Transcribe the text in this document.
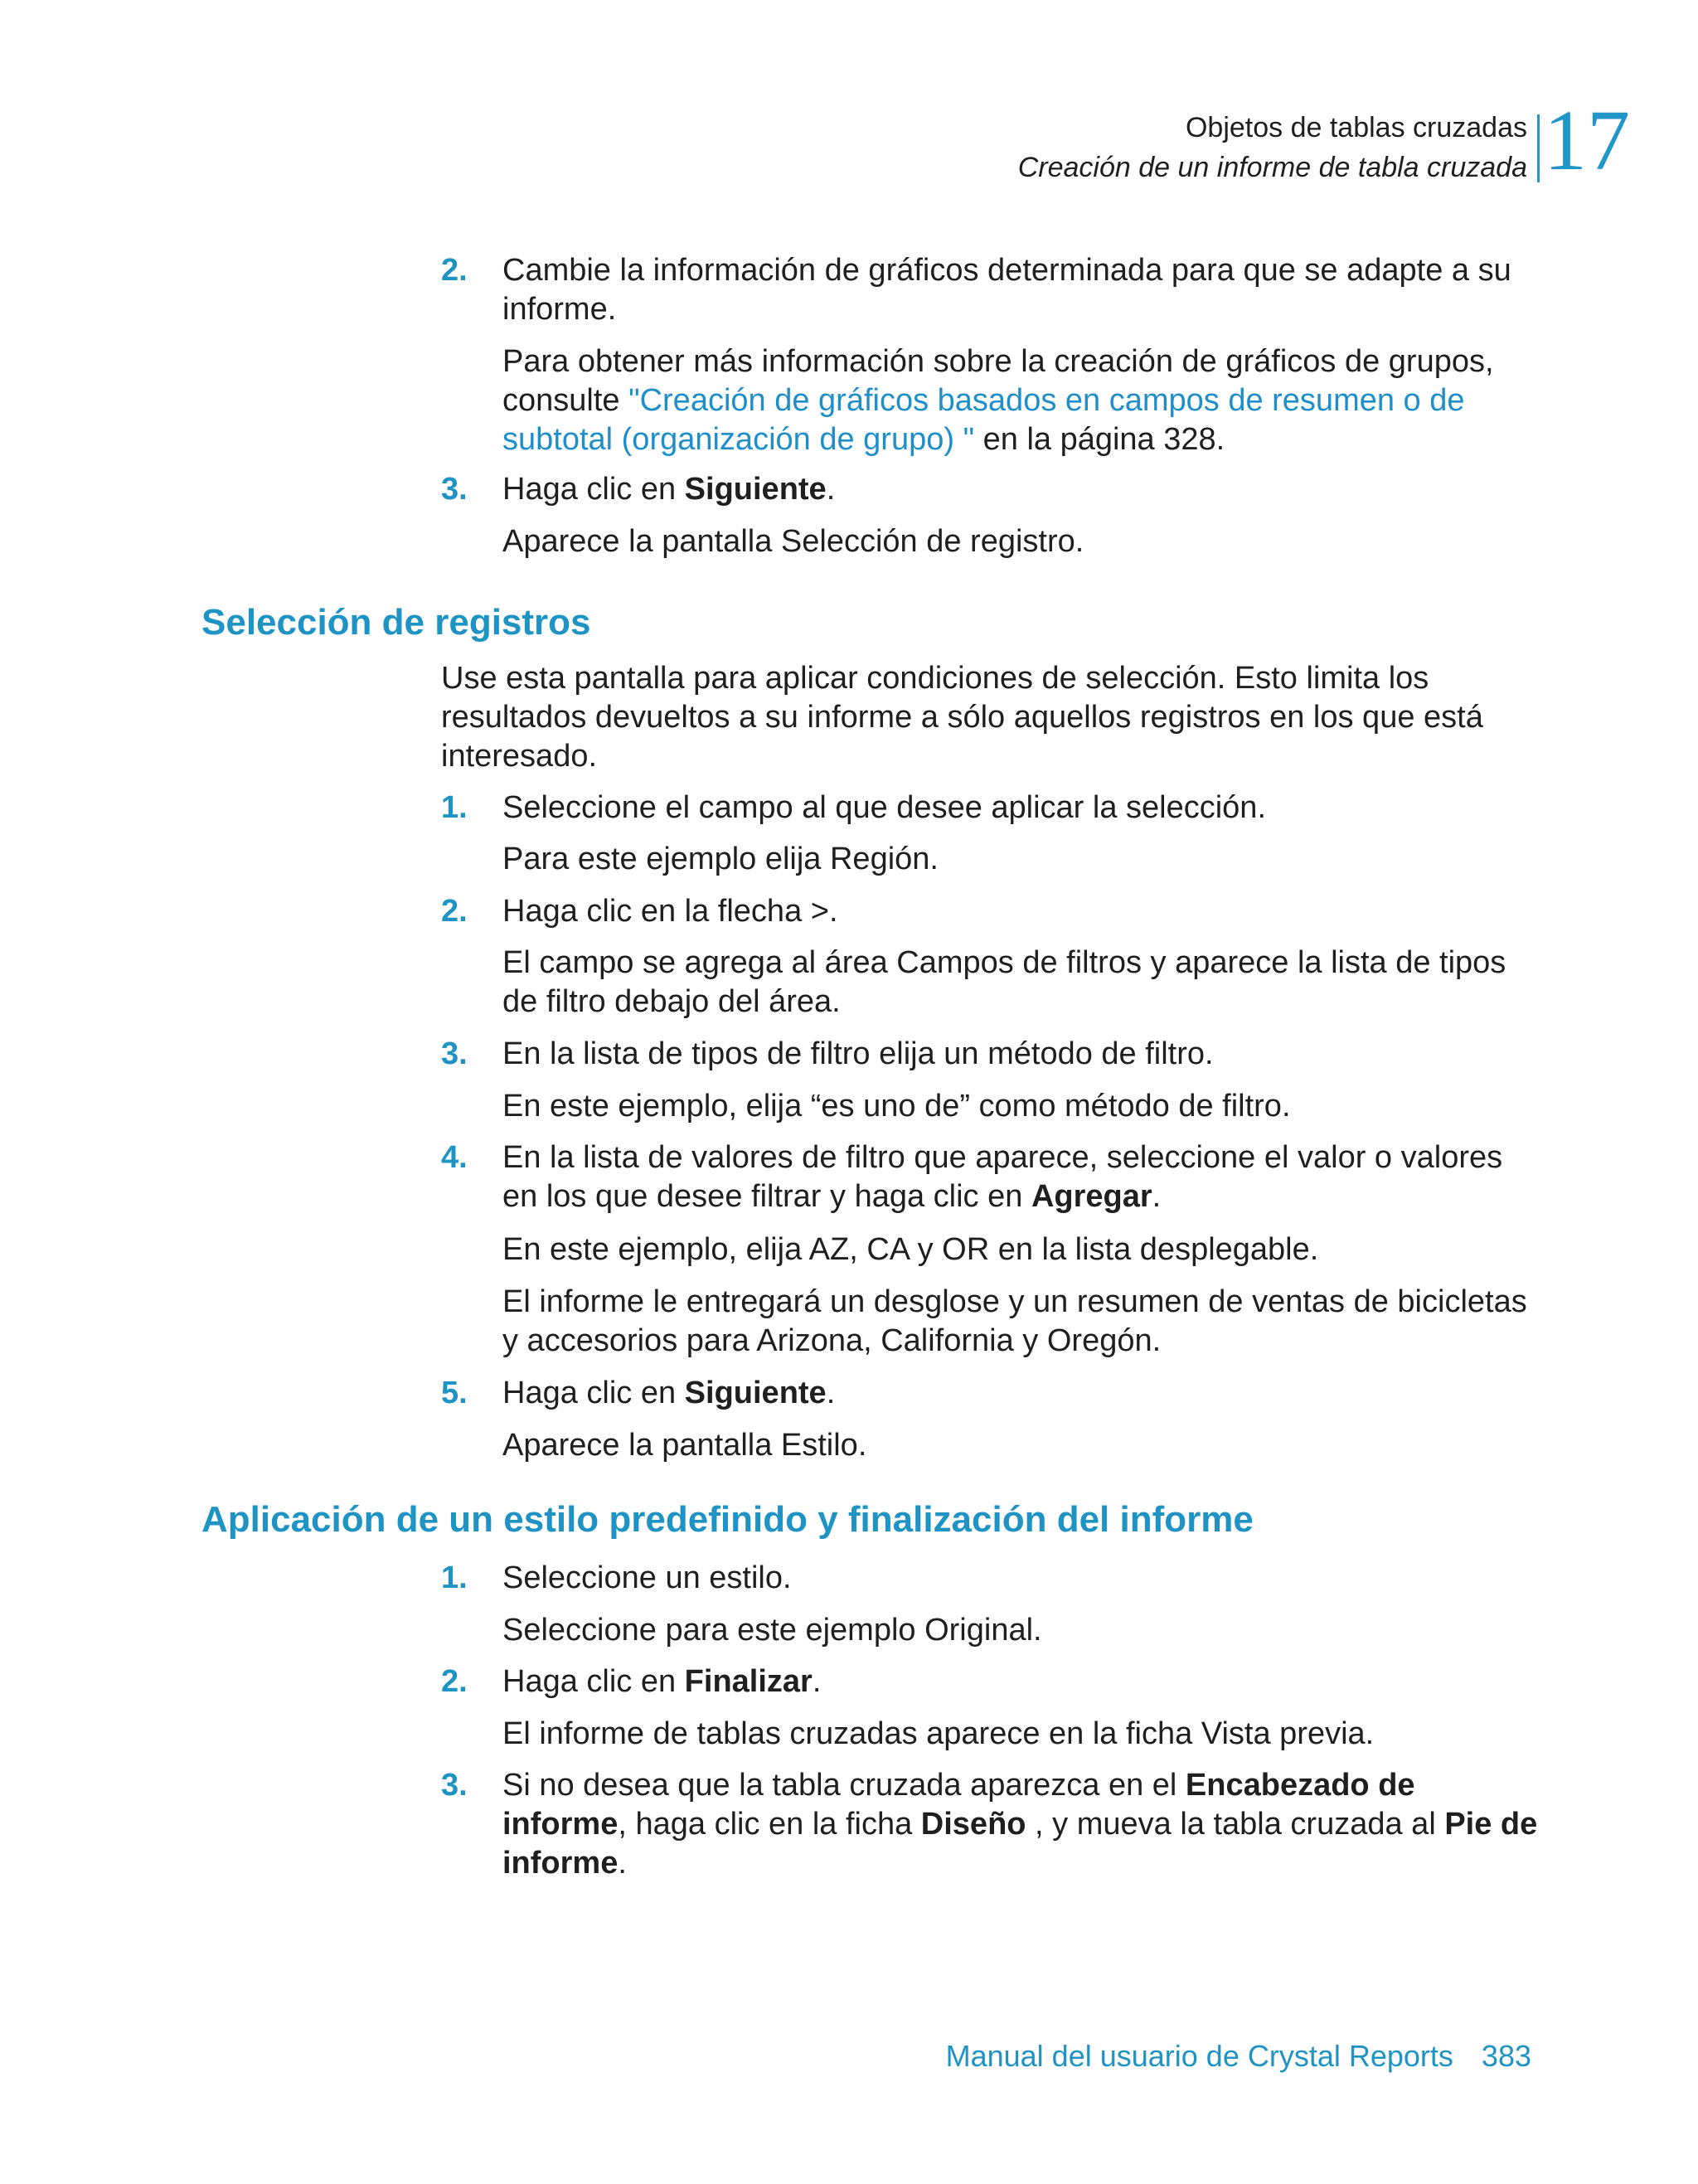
Objetos de tablas cruzadas
Creación de un informe de tabla cruzada 17
2. Cambie la información de gráficos determinada para que se adapte a su informe.
Para obtener más información sobre la creación de gráficos de grupos, consulte "Creación de gráficos basados en campos de resumen o de subtotal (organización de grupo) " en la página 328.
3. Haga clic en Siguiente.
Aparece la pantalla Selección de registro.
Selección de registros
Use esta pantalla para aplicar condiciones de selección. Esto limita los resultados devueltos a su informe a sólo aquellos registros en los que está interesado.
1. Seleccione el campo al que desee aplicar la selección.
Para este ejemplo elija Región.
2. Haga clic en la flecha >.
El campo se agrega al área Campos de filtros y aparece la lista de tipos de filtro debajo del área.
3. En la lista de tipos de filtro elija un método de filtro.
En este ejemplo, elija “es uno de” como método de filtro.
4. En la lista de valores de filtro que aparece, seleccione el valor o valores en los que desee filtrar y haga clic en Agregar.
En este ejemplo, elija AZ, CA y OR en la lista desplegable.
El informe le entregará un desglose y un resumen de ventas de bicicletas y accesorios para Arizona, California y Oregón.
5. Haga clic en Siguiente.
Aparece la pantalla Estilo.
Aplicación de un estilo predefinido y finalización del informe
1. Seleccione un estilo.
Seleccione para este ejemplo Original.
2. Haga clic en Finalizar.
El informe de tablas cruzadas aparece en la ficha Vista previa.
3. Si no desea que la tabla cruzada aparezca en el Encabezado de informe, haga clic en la ficha Diseño , y mueva la tabla cruzada al Pie de informe.
Manual del usuario de Crystal Reports 383
